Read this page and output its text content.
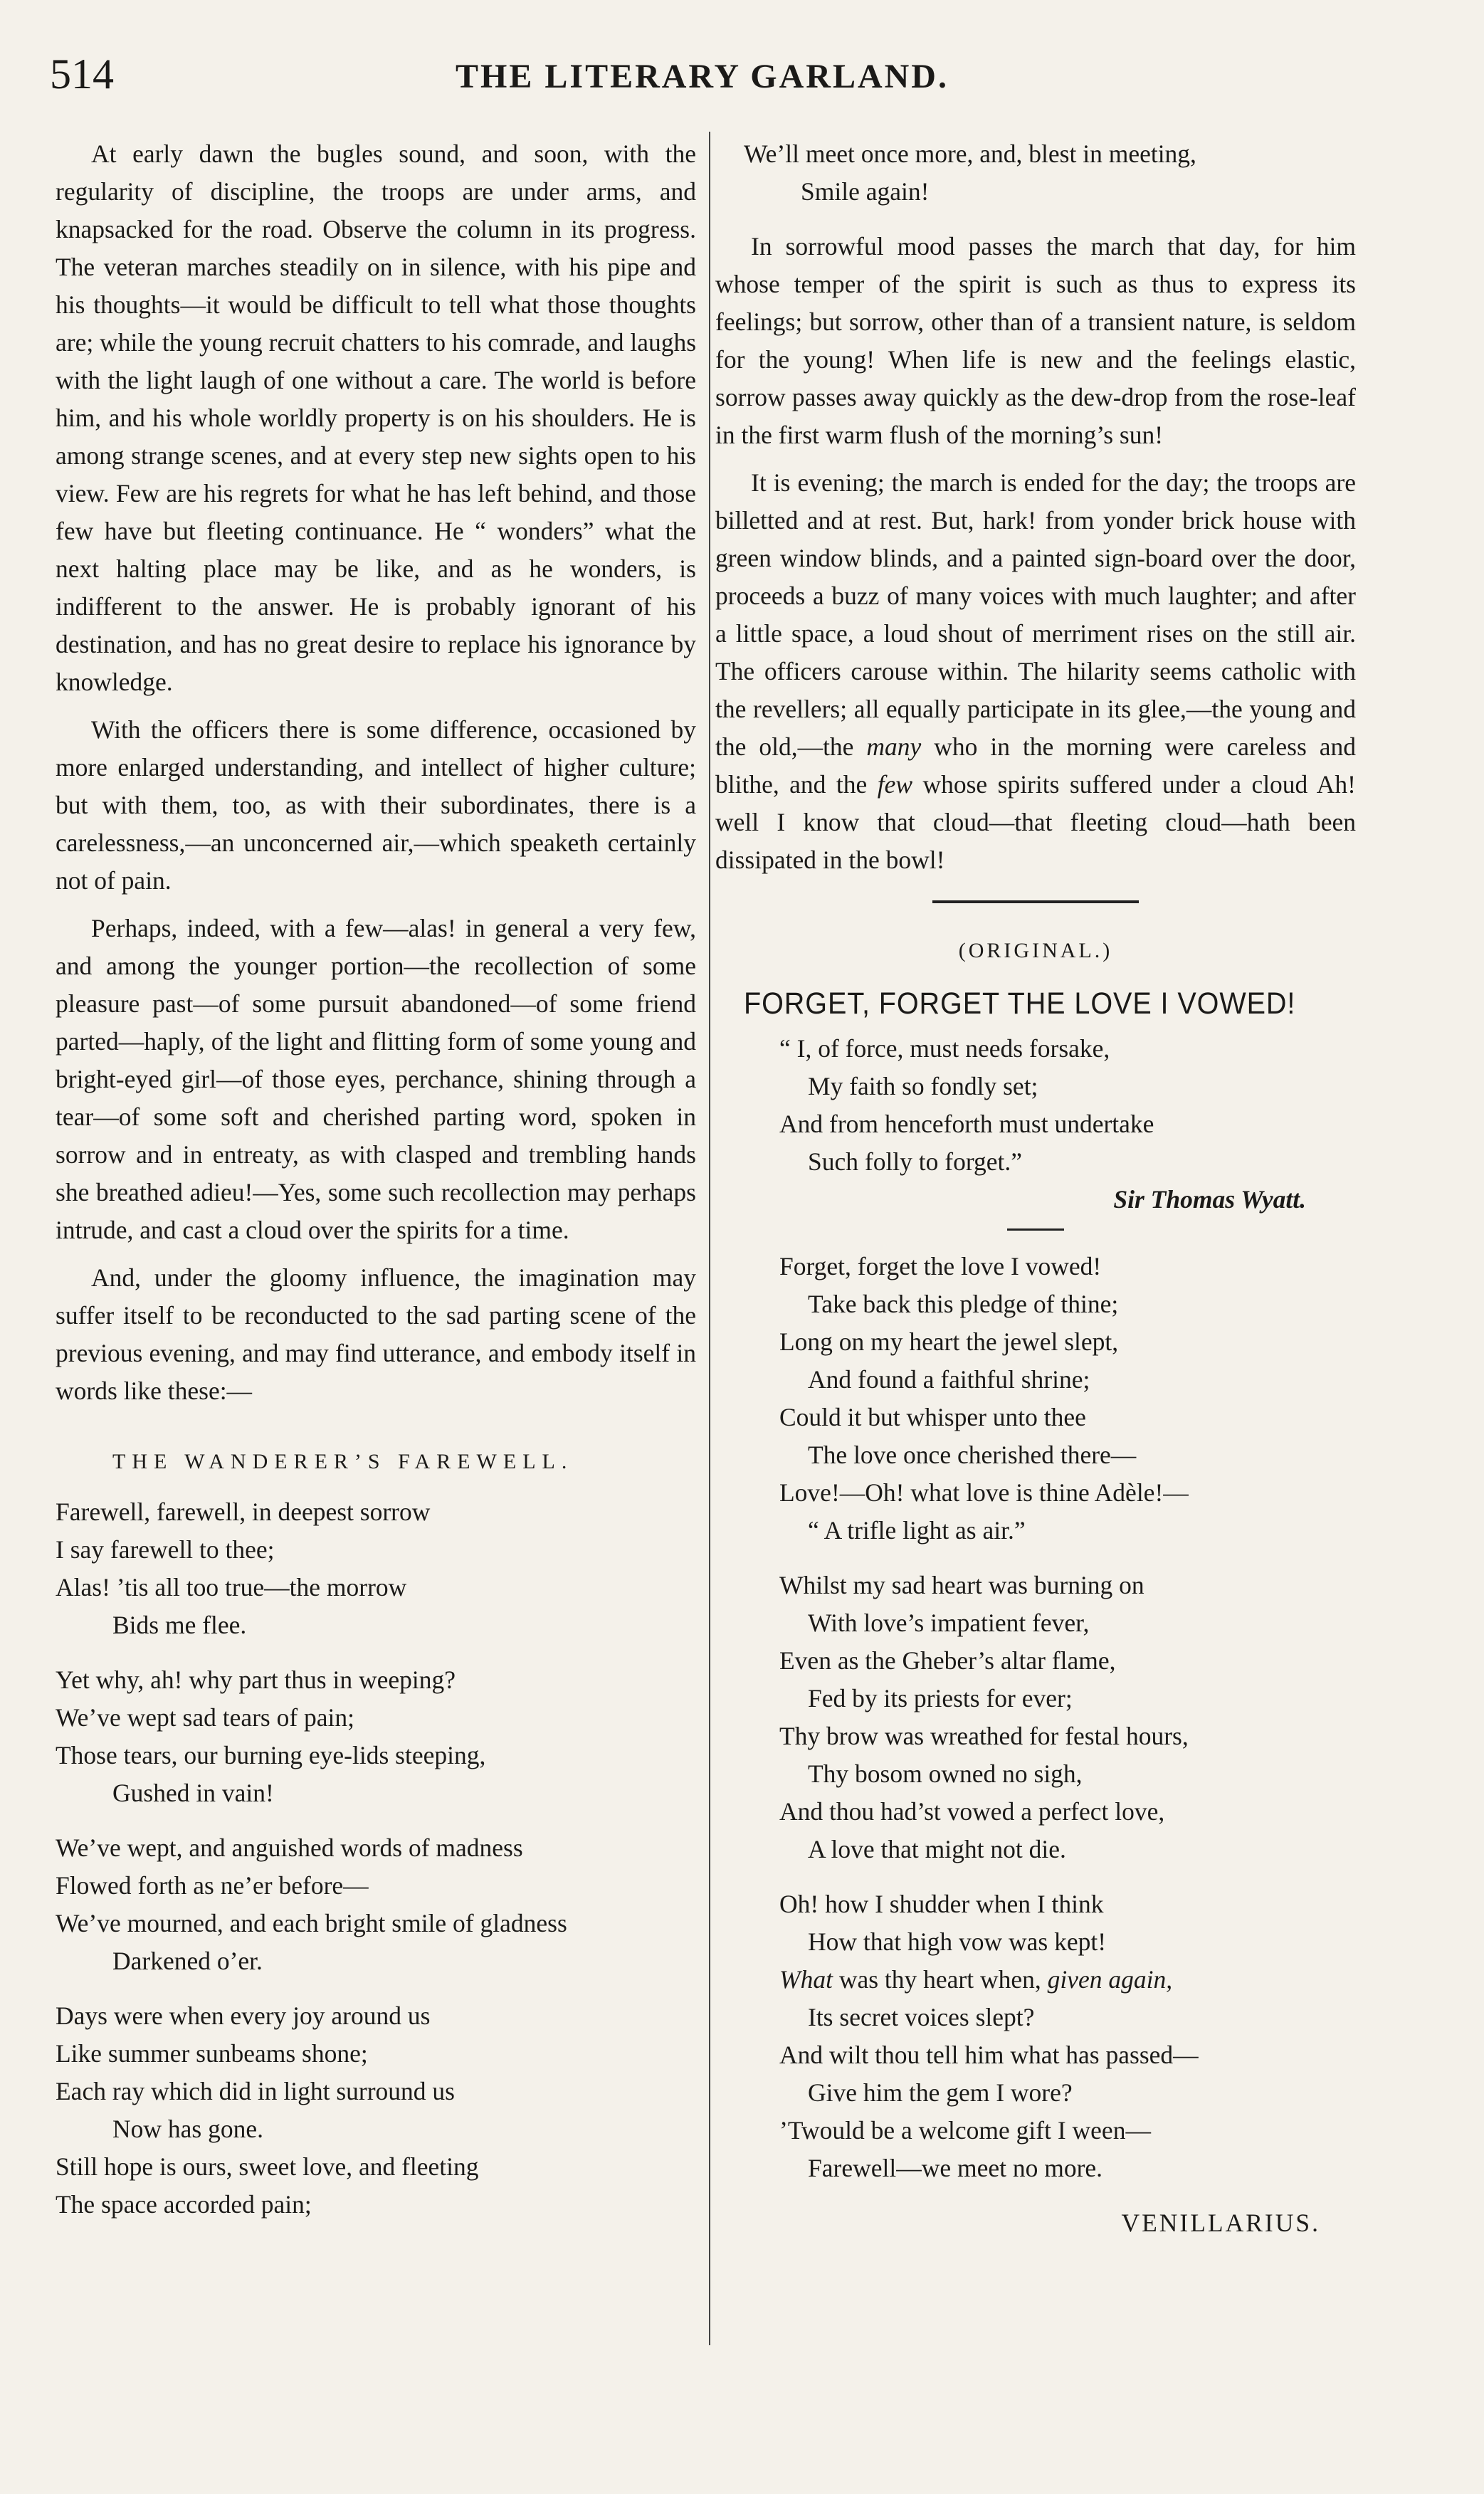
514	THE LITERARY GARLAND.

At early dawn the bugles sound, and soon, with the regularity of discipline, the troops are under arms, and knapsacked for the road. Observe the column in its progress. The veteran marches steadily on in silence, with his pipe and his thoughts—it would be difficult to tell what those thoughts are; while the young recruit chatters to his comrade, and laughs with the light laugh of one without a care. The world is before him, and his whole worldly property is on his shoulders. He is among strange scenes, and at every step new sights open to his view. Few are his regrets for what he has left behind, and those few have but fleeting continuance. He “ wonders” what the next halting place may be like, and as he wonders, is indifferent to the answer. He is probably ignorant of his destination, and has no great desire to replace his ignorance by knowledge.

With the officers there is some difference, occasioned by more enlarged understanding, and intellect of higher culture; but with them, too, as with their subordinates, there is a carelessness,—an unconcerned air,—which speaketh certainly not of pain.

Perhaps, indeed, with a few—alas! in general a very few, and among the younger portion—the recollection of some pleasure past—of some pursuit abandoned—of some friend parted—haply, of the light and flitting form of some young and bright-eyed girl—of those eyes, perchance, shining through a tear—of some soft and cherished parting word, spoken in sorrow and in entreaty, as with clasped and trembling hands she breathed adieu!—Yes, some such recollection may perhaps intrude, and cast a cloud over the spirits for a time.

And, under the gloomy influence, the imagination may suffer itself to be reconducted to the sad parting scene of the previous evening, and may find utterance, and embody itself in words like these:—

THE WANDERER’S FAREWELL.
Farewell, farewell, in deepest sorrow
I say farewell to thee;
Alas! ’tis all too true—the morrow
Bids me flee.
Yet why, ah! why part thus in weeping?
We’ve wept sad tears of pain;
Those tears, our burning eye-lids steeping,
Gushed in vain!
We’ve wept, and anguished words of madness
Flowed forth as ne’er before—
We’ve mourned, and each bright smile of gladness
Darkened o’er.
Days were when every joy around us
Like summer sunbeams shone;
Each ray which did in light surround us
Now has gone.
Still hope is ours, sweet love, and fleeting
The space accorded pain;
We’ll meet once more, and, blest in meeting,
Smile again!

In sorrowful mood passes the march that day, for him whose temper of the spirit is such as thus to express its feelings; but sorrow, other than of a transient nature, is seldom for the young! When life is new and the feelings elastic, sorrow passes away quickly as the dew-drop from the rose-leaf in the first warm flush of the morning’s sun!

It is evening; the march is ended for the day; the troops are billetted and at rest. But, hark! from yonder brick house with green window blinds, and a painted sign-board over the door, proceeds a buzz of many voices with much laughter; and after a little space, a loud shout of merriment rises on the still air. The officers carouse within. The hilarity seems catholic with the revellers; all equally participate in its glee,—the young and the old,—the many who in the morning were careless and blithe, and the few whose spirits suffered under a cloud Ah! well I know that cloud—that fleeting cloud—hath been dissipated in the bowl!

(ORIGINAL.)
FORGET, FORGET THE LOVE I VOWED!
“ I, of force, must needs forsake,
My faith so fondly set;
And from henceforth must undertake
Such folly to forget.”
Sir Thomas Wyatt.
Forget, forget the love I vowed!
Take back this pledge of thine;
Long on my heart the jewel slept,
And found a faithful shrine;
Could it but whisper unto thee
The love once cherished there—
Love!—Oh! what love is thine Adèle!—
“ A trifle light as air.”
Whilst my sad heart was burning on
With love’s impatient fever,
Even as the Gheber’s altar flame,
Fed by its priests for ever;
Thy brow was wreathed for festal hours,
Thy bosom owned no sigh,
And thou had’st vowed a perfect love,
A love that might not die.
Oh! how I shudder when I think
How that high vow was kept!
What was thy heart when, given again,
Its secret voices slept?
And wilt thou tell him what has passed—
Give him the gem I wore?
’Twould be a welcome gift I ween—
Farewell—we meet no more.
VENILLARIUS.
